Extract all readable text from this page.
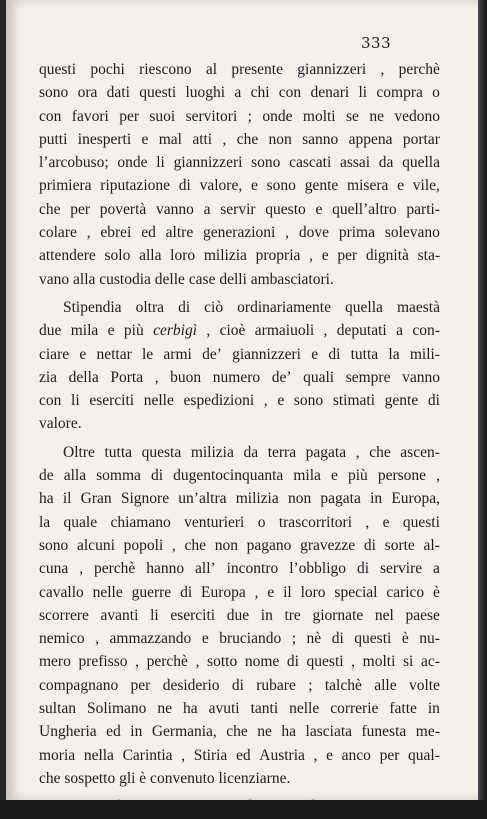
333
questi pochi riescono al presente giannizzeri , perchè
sono ora dati questi luoghi a chi con denari li compra o
con favori per suoi servitori ; onde molti se ne vedono
putti inesperti e mal atti , che non sanno appena portar
l’arcobuso; onde li giannizzeri sono cascati assai da quella
primiera riputazione di valore, e sono gente misera e vile,
che per povertà vanno a servir questo e quell’altro parti-
colare , ebrei ed altre generazioni , dove prima solevano
attendere solo alla loro milizia propria , e per dignità sta-
vano alla custodia delle case delli ambasciatori.
Stipendia oltra di ciò ordinariamente quella maestà
due mila e più cerbigì , cioè armaiuoli , deputati a con-
ciare e nettar le armi de’ giannizzeri e di tutta la mili-
zia della Porta , buon numero de’ quali sempre vanno
con li eserciti nelle espedizioni , e sono stimati gente di
valore.
Oltre tutta questa milizia da terra pagata , che ascen-
de alla somma di dugentocinquanta mila e più persone ,
ha il Gran Signore un’altra milizia non pagata in Europa,
la quale chiamano venturieri o trascorritori , e questi
sono alcuni popoli , che non pagano gravezze di sorte al-
cuna , perchè hanno all’ incontro l’obbligo di servire a
cavallo nelle guerre di Europa , e il loro special carico è
scorrere avanti li eserciti due in tre giornate nel paese
nemico , ammazzando e bruciando ; nè di questi è nu-
mero prefisso , perchè , sotto nome di questi , molti si ac-
compagnano per desiderio di rubare ; talchè alle volte
sultan Solimano ne ha avuti tanti nelle correrie fatte in
Ungheria ed in Germania, che ne ha lasciata funesta me-
moria nella Carintia , Stiria ed Austria , e anco per qual-
che sospetto gli è convenuto licenziarne.
Questa è tutta la milizia da terra del Gran Signore ;
